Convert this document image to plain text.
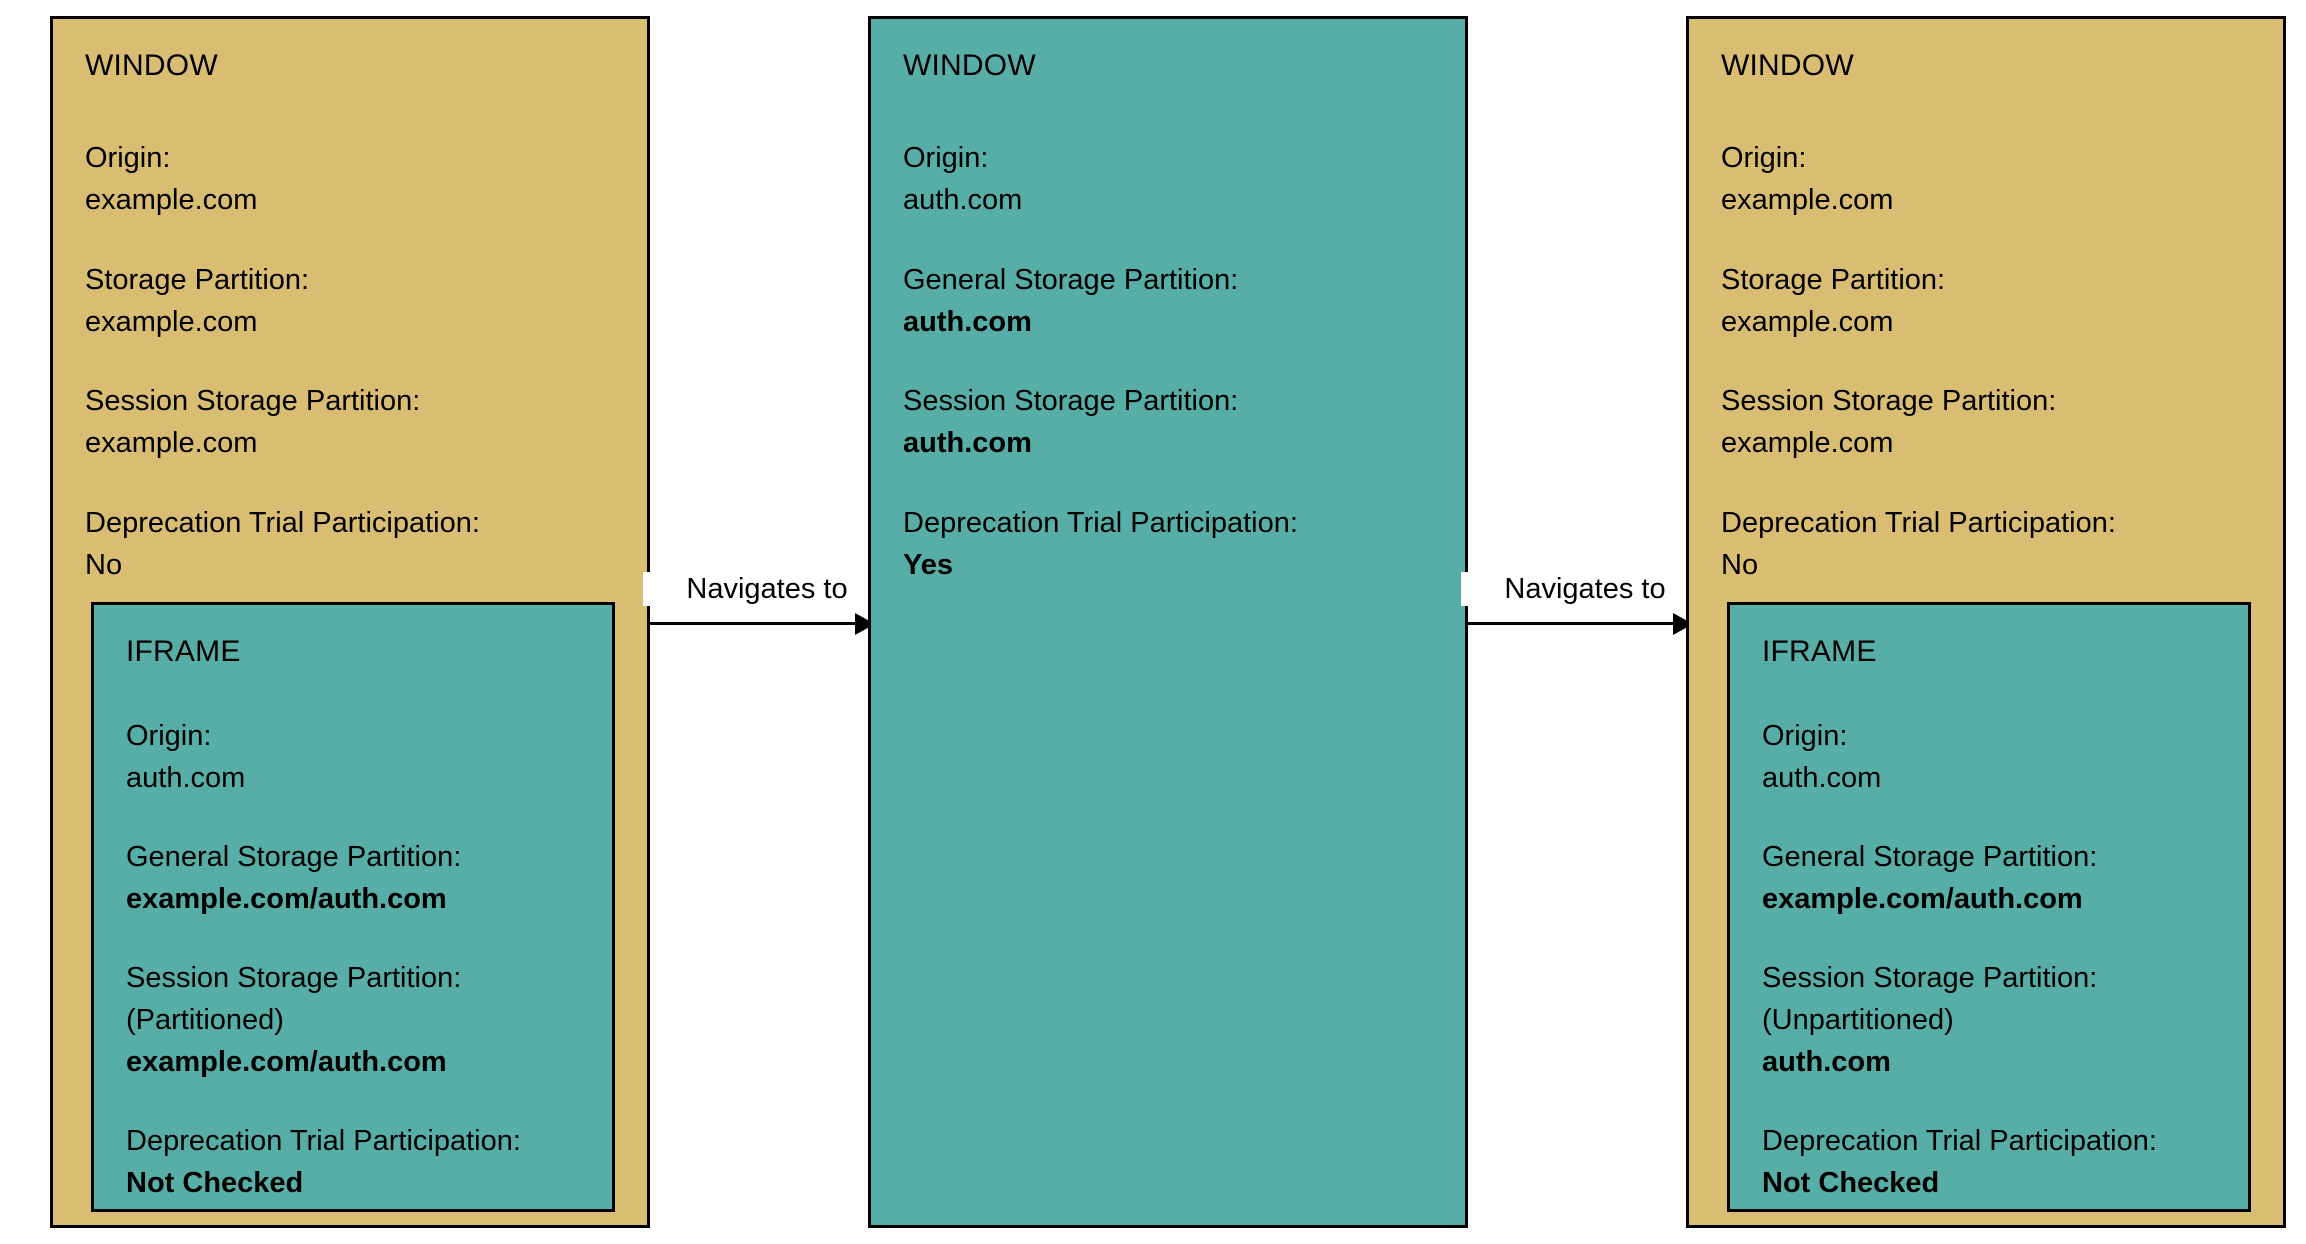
WINDOW
Origin:
example.com
Storage Partition:
example.com
Session Storage Partition:
example.com
Deprecation Trial Participation:
No
IFRAME
Origin:
auth.com
General Storage Partition:
example.com/auth.com
Session Storage Partition:
(Partitioned)
example.com/auth.com
Deprecation Trial Participation:
Not Checked
Navigates to
WINDOW
Origin:
auth.com
General Storage Partition:
auth.com
Session Storage Partition:
auth.com
Deprecation Trial Participation:
Yes
Navigates to
WINDOW
Origin:
example.com
Storage Partition:
example.com
Session Storage Partition:
example.com
Deprecation Trial Participation:
No
IFRAME
Origin:
auth.com
General Storage Partition:
example.com/auth.com
Session Storage Partition:
(Unpartitioned)
auth.com
Deprecation Trial Participation:
Not Checked
